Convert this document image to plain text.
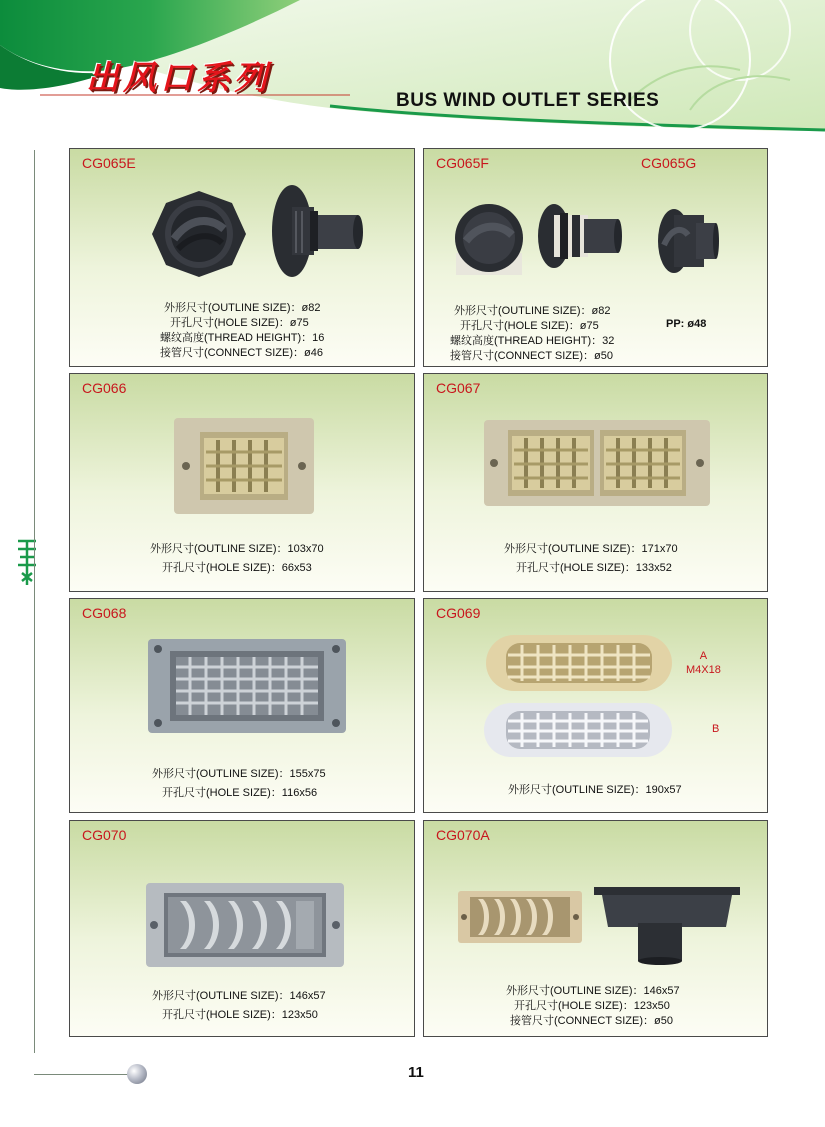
出风口系列
BUS WIND OUTLET SERIES
11
CG065E
外形尺寸(OUTLINE SIZE)：ø82
开孔尺寸(HOLE SIZE)：ø75
螺纹高度(THREAD HEIGHT)：16
接管尺寸(CONNECT SIZE)：ø46
CG065F	CG065G
外形尺寸(OUTLINE SIZE)：ø82
开孔尺寸(HOLE SIZE)：ø75
螺纹高度(THREAD HEIGHT)：32
接管尺寸(CONNECT SIZE)：ø50
PP: ø48
CG066
外形尺寸(OUTLINE SIZE)：103x70
开孔尺寸(HOLE SIZE)：66x53
CG067
外形尺寸(OUTLINE SIZE)：171x70
开孔尺寸(HOLE SIZE)：133x52
CG068
外形尺寸(OUTLINE SIZE)：155x75
开孔尺寸(HOLE SIZE)：116x56
CG069
A
M4X18
B
外形尺寸(OUTLINE SIZE)：190x57
CG070
外形尺寸(OUTLINE SIZE)：146x57
开孔尺寸(HOLE SIZE)：123x50
CG070A
外形尺寸(OUTLINE SIZE)：146x57
开孔尺寸(HOLE SIZE)：123x50
接管尺寸(CONNECT SIZE)：ø50
